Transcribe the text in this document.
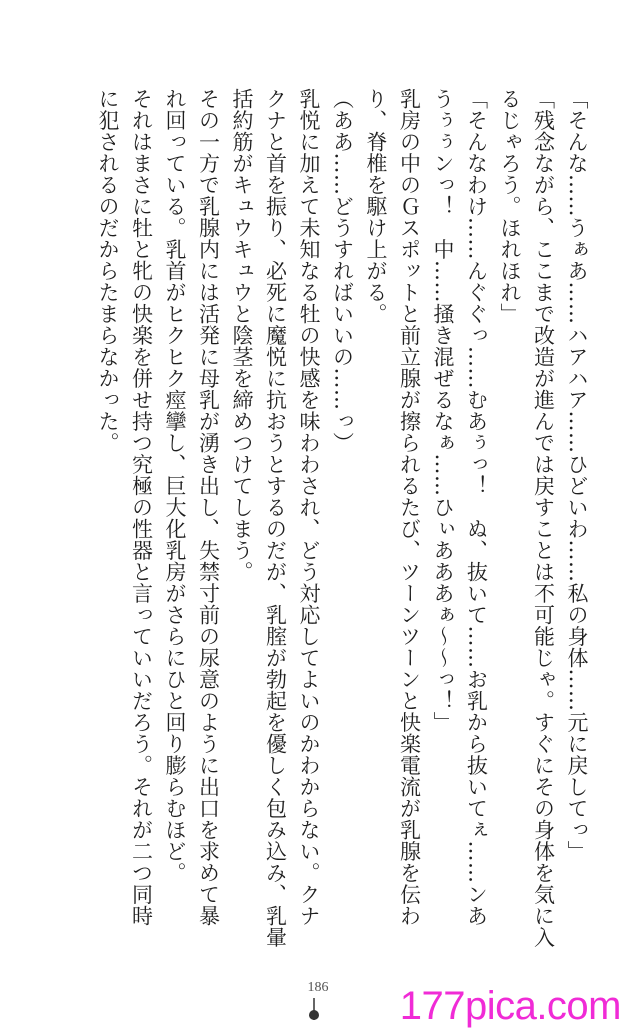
「そんな……うぁあ……ハアハア……ひどいわ……私の身体……元に戻してっ」
「残念ながら、ここまで改造が進んでは戻すことは不可能じゃ。すぐにその身体を気に入
るじゃろう。ほれほれ」
「そんなわけ……んぐぐっ……むあぅっ！　ぬ、抜いて……お乳から抜いてぇ……ンあ
うぅぅンっ！　中……掻き混ぜるなぁ……ひぃあああぁ〜〜っ！」
乳房の中のＧスポットと前立腺が擦られるたび、ツーンツーンと快楽電流が乳腺を伝わ
り、脊椎を駆け上がる。
（ああ……どうすればいいの……っ）
乳悦に加えて未知なる牡の快感を味わわされ、どう対応してよいのかわからない。クナ
クナと首を振り、必死に魔悦に抗おうとするのだが、乳腟が勃起を優しく包み込み、乳暈
括約筋がキュウキュウと陰茎を締めつけてしまう。
その一方で乳腺内には活発に母乳が湧き出し、失禁寸前の尿意のように出口を求めて暴
れ回っている。乳首がヒクヒク痙攣し、巨大化乳房がさらにひと回り膨らむほど。
それはまさに牡と牝の快楽を併せ持つ究極の性器と言っていいだろう。それが二つ同時
に犯されるのだからたまらなかった。
186 177pica.com
